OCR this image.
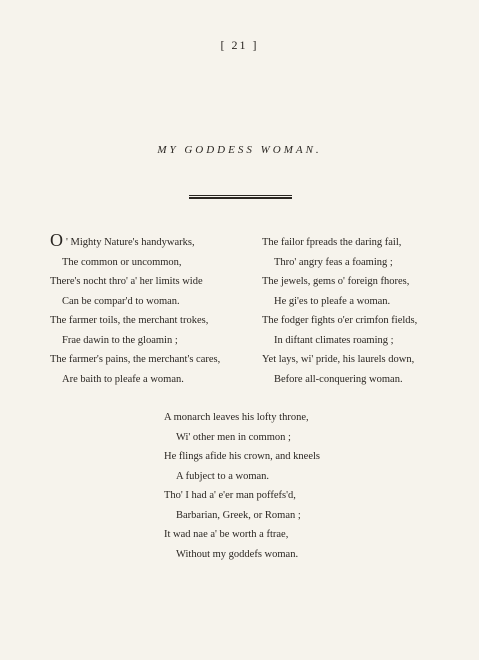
[ 21 ]
MY GODDESS WOMAN.
O ' Mighty Nature's handywarks,
The common or uncommon,
There's nocht thro' a' her limits wide
Can be compar'd to woman.
The farmer toils, the merchant trokes,
Frae dawin to the gloamin ;
The farmer's pains, the merchant's cares,
Are baith to pleafe a woman.
The failor fpreads the daring fail,
Thro' angry feas a foaming ;
The jewels, gems o' foreign fhores,
He gi'es to pleafe a woman.
The fodger fights o'er crimfon fields,
In diftant climates roaming ;
Yet lays, wi' pride, his laurels down,
Before all-conquering woman.
A monarch leaves his lofty throne,
Wi' other men in common ;
He flings afide his crown, and kneels
A fubject to a woman.
Tho' I had a' e'er man poffefs'd,
Barbarian, Greek, or Roman ;
It wad nae a' be worth a ftrae,
Without my goddefs woman.
